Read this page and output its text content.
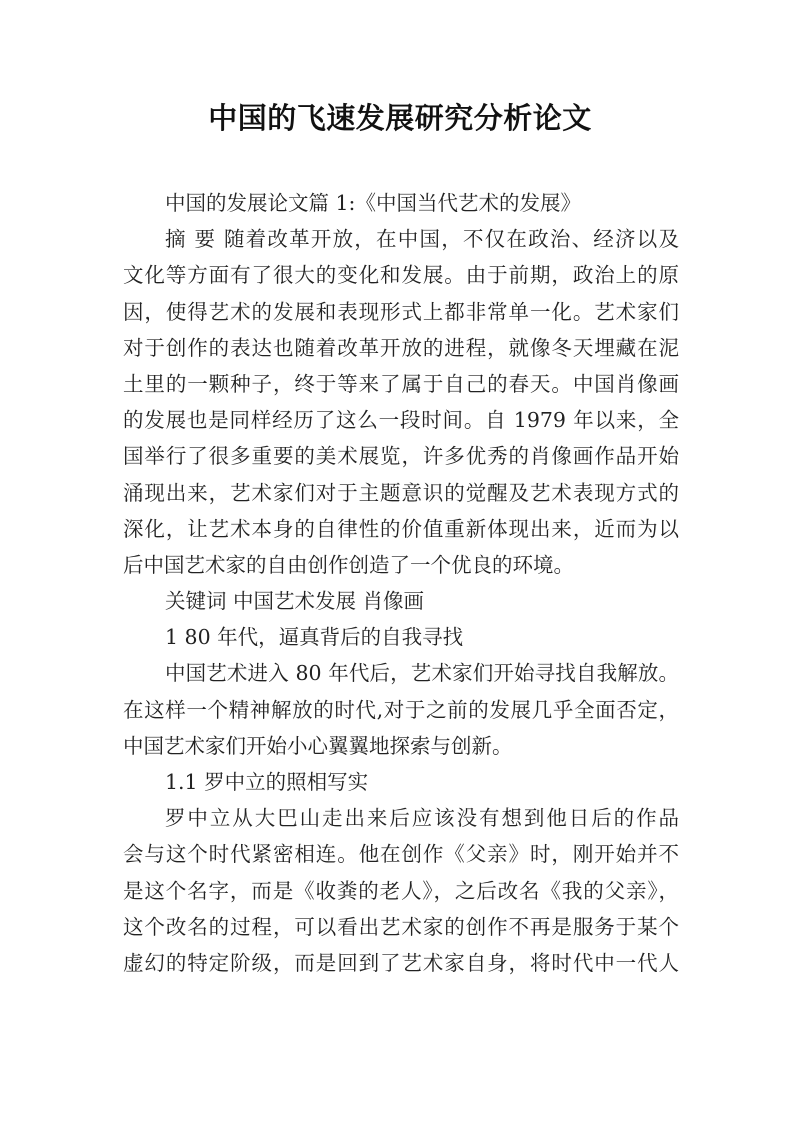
中国的飞速发展研究分析论文
中国的发展论文篇 1:《中国当代艺术的发展》
摘 要 随着改革开放，在中国，不仅在政治、经济以及
文化等方面有了很大的变化和发展。由于前期，政治上的原
因，使得艺术的发展和表现形式上都非常单一化。艺术家们
对于创作的表达也随着改革开放的进程，就像冬天埋藏在泥
土里的一颗种子，终于等来了属于自己的春天。中国肖像画
的发展也是同样经历了这么一段时间。自 1979 年以来，全
国举行了很多重要的美术展览，许多优秀的肖像画作品开始
涌现出来，艺术家们对于主题意识的觉醒及艺术表现方式的
深化，让艺术本身的自律性的价值重新体现出来，近而为以
后中国艺术家的自由创作创造了一个优良的环境。
关键词 中国艺术发展 肖像画
1 80 年代，逼真背后的自我寻找
中国艺术进入 80 年代后，艺术家们开始寻找自我解放。
在这样一个精神解放的时代,对于之前的发展几乎全面否定，
中国艺术家们开始小心翼翼地探索与创新。
1.1 罗中立的照相写实
罗中立从大巴山走出来后应该没有想到他日后的作品
会与这个时代紧密相连。他在创作《父亲》时，刚开始并不
是这个名字，而是《收粪的老人》，之后改名《我的父亲》，
这个改名的过程，可以看出艺术家的创作不再是服务于某个
虚幻的特定阶级，而是回到了艺术家自身，将时代中一代人
